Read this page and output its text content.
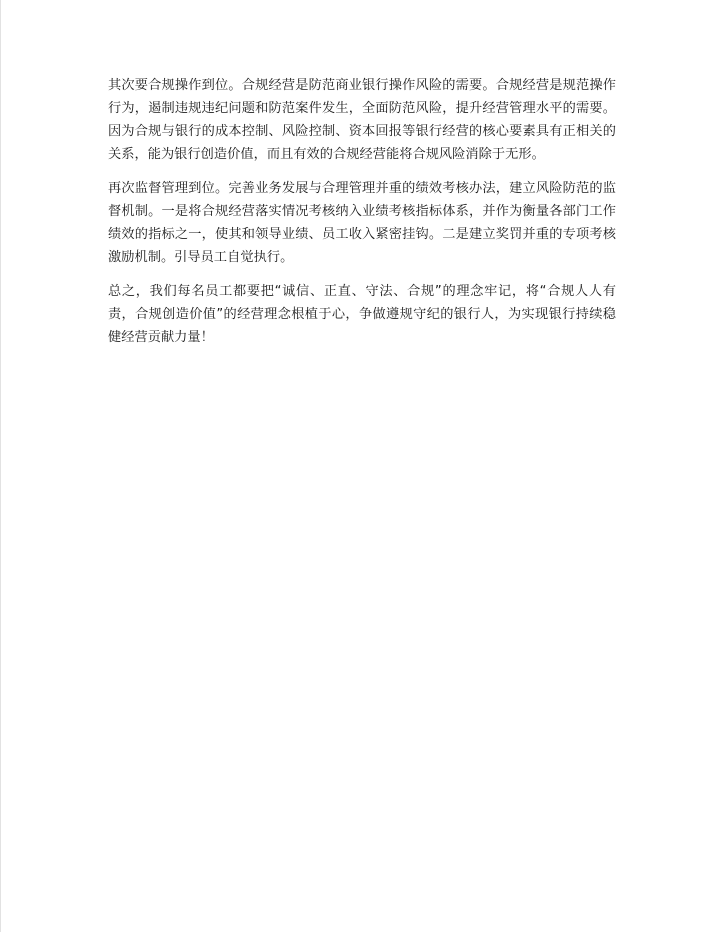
其次要合规操作到位。合规经营是防范商业银行操作风险的需要。合规经营是规范操作行为，遏制违规违纪问题和防范案件发生，全面防范风险，提升经营管理水平的需要。因为合规与银行的成本控制、风险控制、资本回报等银行经营的核心要素具有正相关的关系，能为银行创造价值，而且有效的合规经营能将合规风险消除于无形。

再次监督管理到位。完善业务发展与合理管理并重的绩效考核办法，建立风险防范的监督机制。一是将合规经营落实情况考核纳入业绩考核指标体系，并作为衡量各部门工作绩效的指标之一，使其和领导业绩、员工收入紧密挂钩。二是建立奖罚并重的专项考核激励机制。引导员工自觉执行。

总之，我们每名员工都要把“诚信、正直、守法、合规”的理念牢记，将“合规人人有责，合规创造价值”的经营理念根植于心，争做遵规守纪的银行人，为实现银行持续稳健经营贡献力量！
